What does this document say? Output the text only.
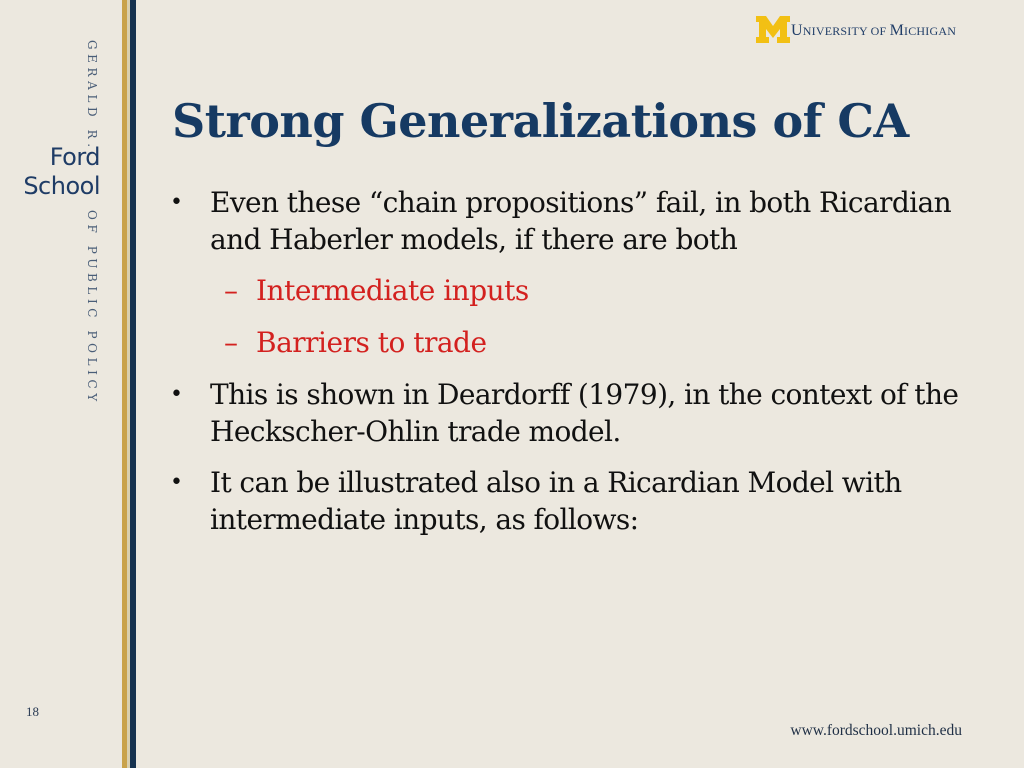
GERALD R.
Ford
School
OF PUBLIC POLICY
18
UNIVERSITY OF MICHIGAN
Strong Generalizations of CA
• Even these “chain propositions” fail, in both Ricardian and Haberler models, if there are both
– Intermediate inputs
– Barriers to trade
• This is shown in Deardorff (1979), in the context of the Heckscher-Ohlin trade model.
• It can be illustrated also in a Ricardian Model with intermediate inputs, as follows:
www.fordschool.umich.edu
